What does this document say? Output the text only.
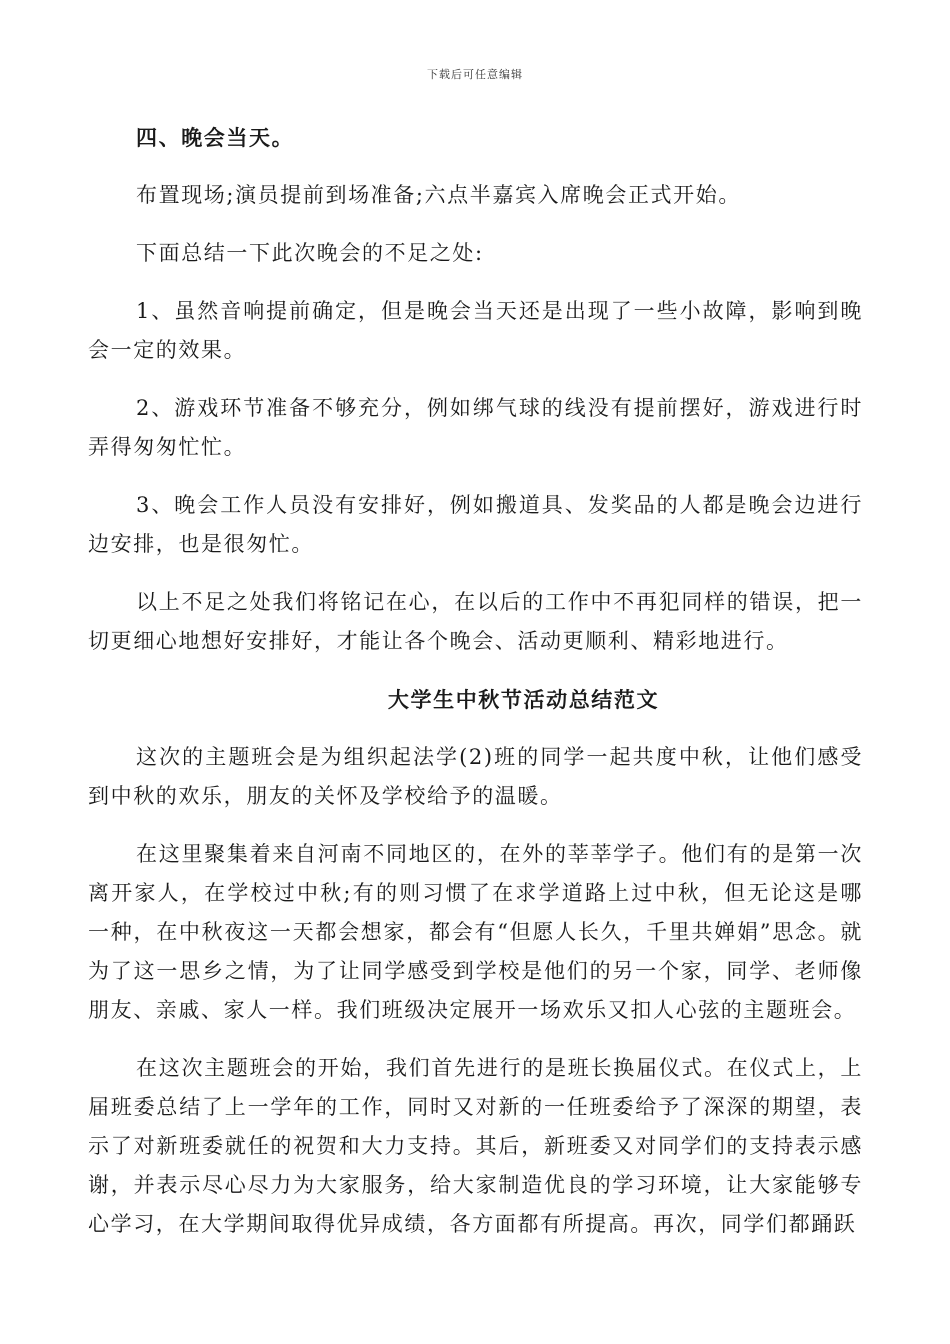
下载后可任意编辑

四、晚会当天。

布置现场;演员提前到场准备;六点半嘉宾入席晚会正式开始。

下面总结一下此次晚会的不足之处:

1、虽然音响提前确定，但是晚会当天还是出现了一些小故障，影响到晚会一定的效果。

2、游戏环节准备不够充分，例如绑气球的线没有提前摆好，游戏进行时弄得匆匆忙忙。

3、晚会工作人员没有安排好，例如搬道具、发奖品的人都是晚会边进行边安排，也是很匆忙。

以上不足之处我们将铭记在心，在以后的工作中不再犯同样的错误，把一切更细心地想好安排好，才能让各个晚会、活动更顺利、精彩地进行。

大学生中秋节活动总结范文

这次的主题班会是为组织起法学(2)班的同学一起共度中秋，让他们感受到中秋的欢乐，朋友的关怀及学校给予的温暖。

在这里聚集着来自河南不同地区的，在外的莘莘学子。他们有的是第一次离开家人，在学校过中秋;有的则习惯了在求学道路上过中秋，但无论这是哪一种，在中秋夜这一天都会想家，都会有“但愿人长久，千里共婵娟”思念。就为了这一思乡之情，为了让同学感受到学校是他们的另一个家，同学、老师像朋友、亲戚、家人一样。我们班级决定展开一场欢乐又扣人心弦的主题班会。

在这次主题班会的开始，我们首先进行的是班长换届仪式。在仪式上，上届班委总结了上一学年的工作，同时又对新的一任班委给予了深深的期望，表示了对新班委就任的祝贺和大力支持。其后，新班委又对同学们的支持表示感谢，并表示尽心尽力为大家服务，给大家制造优良的学习环境，让大家能够专心学习，在大学期间取得优异成绩，各方面都有所提高。再次，同学们都踊跃
